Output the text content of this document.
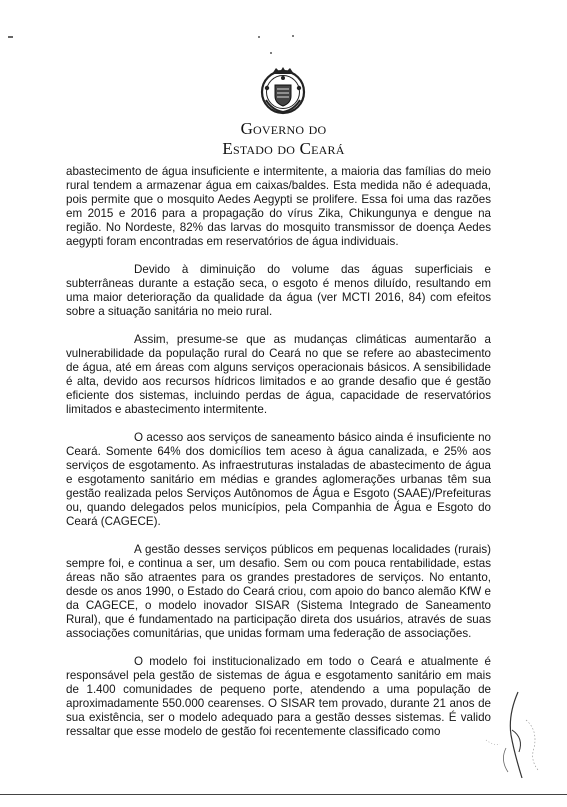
Governo do
Estado do Ceará

abastecimento de água insuficiente e intermitente, a maioria das famílias do meio rural tendem a armazenar água em caixas/baldes. Esta medida não é adequada, pois permite que o mosquito Aedes Aegypti se prolifere. Essa foi uma das razões em 2015 e 2016 para a propagação do vírus Zika, Chikungunya e dengue na região. No Nordeste, 82% das larvas do mosquito transmissor de doença Aedes aegypti foram encontradas em reservatórios de água individuais.

Devido à diminuição do volume das águas superficiais e subterrâneas durante a estação seca, o esgoto é menos diluído, resultando em uma maior deterioração da qualidade da água (ver MCTI 2016, 84) com efeitos sobre a situação sanitária no meio rural.

Assim, presume-se que as mudanças climáticas aumentarão a vulnerabilidade da população rural do Ceará no que se refere ao abastecimento de água, até em áreas com alguns serviços operacionais básicos. A sensibilidade é alta, devido aos recursos hídricos limitados e ao grande desafio que é gestão eficiente dos sistemas, incluindo perdas de água, capacidade de reservatórios limitados e abastecimento intermitente.

O acesso aos serviços de saneamento básico ainda é insuficiente no Ceará. Somente 64% dos domicílios tem aceso à água canalizada, e 25% aos serviços de esgotamento. As infraestruturas instaladas de abastecimento de água e esgotamento sanitário em médias e grandes aglomerações urbanas têm sua gestão realizada pelos Serviços Autônomos de Água e Esgoto (SAAE)/Prefeituras ou, quando delegados pelos municípios, pela Companhia de Água e Esgoto do Ceará (CAGECE).

A gestão desses serviços públicos em pequenas localidades (rurais) sempre foi, e continua a ser, um desafio. Sem ou com pouca rentabilidade, estas áreas não são atraentes para os grandes prestadores de serviços. No entanto, desde os anos 1990, o Estado do Ceará criou, com apoio do banco alemão KfW e da CAGECE, o modelo inovador SISAR (Sistema Integrado de Saneamento Rural), que é fundamentado na participação direta dos usuários, através de suas associações comunitárias, que unidas formam uma federação de associações.

O modelo foi institucionalizado em todo o Ceará e atualmente é responsável pela gestão de sistemas de água e esgotamento sanitário em mais de 1.400 comunidades de pequeno porte, atendendo a uma população de aproximadamente 550.000 cearenses. O SISAR tem provado, durante 21 anos de sua existência, ser o modelo adequado para a gestão desses sistemas. É valido ressaltar que esse modelo de gestão foi recentemente classificado como
